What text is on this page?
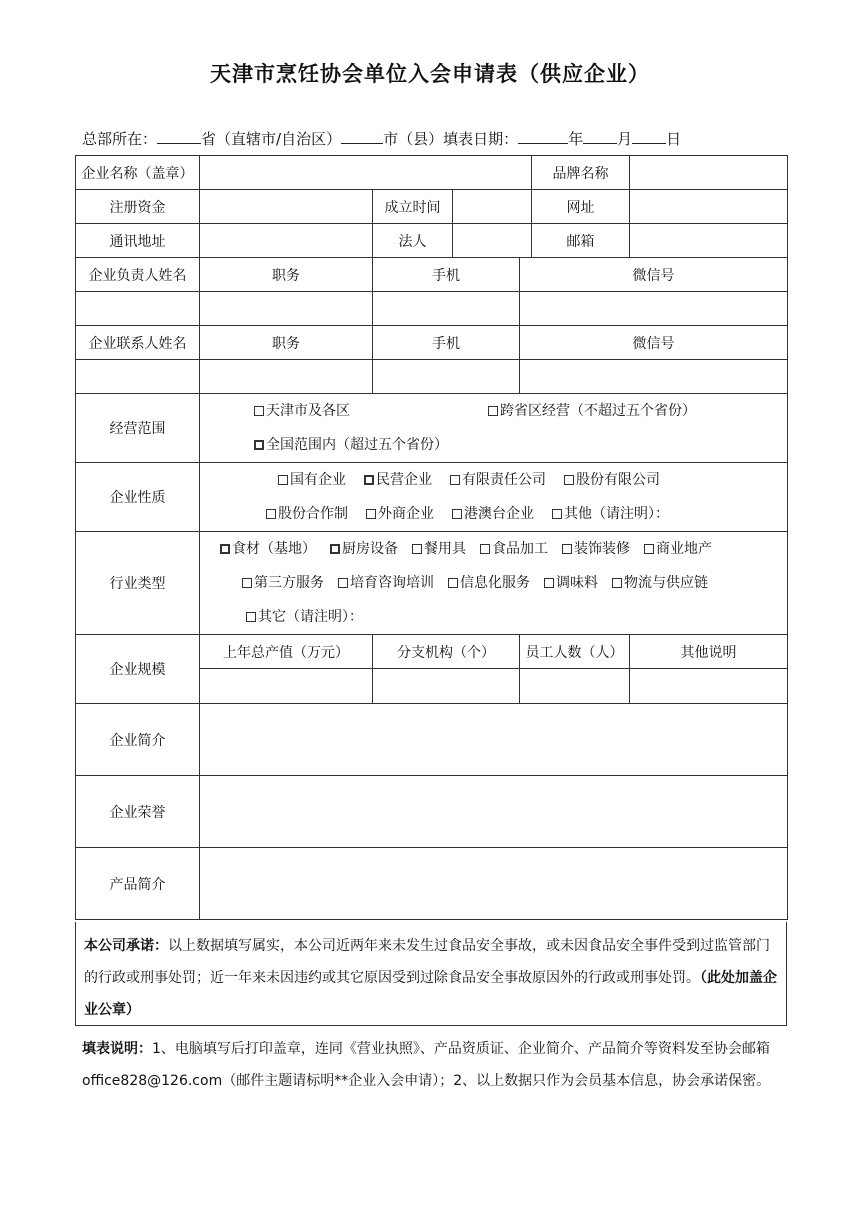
天津市烹饪协会单位入会申请表（供应企业）
总部所在：	省（直辖市/自治区）	市（县）填表日期：	年 月 日
企业名称（盖章）					品牌名称	
注册资金		成立时间			网址	
通讯地址		法人			邮箱	
企业负责人姓名	职务	手机		微信号		

企业联系人姓名	职务	手机		微信号		

经营范围	天津市及各区 跨省区经营（不超过五个省份）
全国范围内（超过五个省份）					

企业性质	国有企业 民营企业 有限责任公司 股份有限公司
股份合作制 外商企业 港澳台企业 其他（请注明）：					

行业类型	食材（基地） 厨房设备 餐用具 食品加工 装饰装修 商业地产
第三方服务 培育咨询培训 信息化服务 调味料 物流与供应链
其它（请注明）：					

企业规模	上年总产值（万元）	分支机构（个）		员工人数（人）		其他说明

企业简介						
企业荣誉						
产品简介						
本公司承诺：以上数据填写属实，本公司近两年来未发生过食品安全事故，或未因食品安全事件受到过监管部门的行政或刑事处罚；近一年来未因违约或其它原因受到过除食品安全事故原因外的行政或刑事处罚。（此处加盖企业公章）
填表说明：1、电脑填写后打印盖章，连同《营业执照》、产品资质证、企业简介、产品简介等资料发至协会邮箱 office828@126.com（邮件主题请标明**企业入会申请）；2、以上数据只作为会员基本信息，协会承诺保密。
